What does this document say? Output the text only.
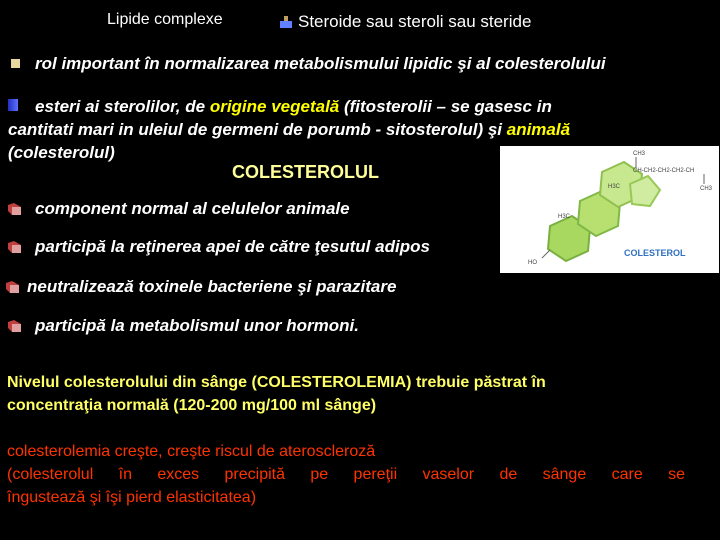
Lipide complexe	Steroide sau steroli sau steride
rol important în normalizarea metabolismului lipidic şi al colesterolului
esteri ai sterolilor, de origine vegetală (fitosterolii – se gasesc in
cantitati mari in uleiul de germeni de porumb - sitosterolul) şi animală
(colesterolul)
COLESTEROLUL
HO
H3C
H3C
CH3
CH-CH2-CH2-CH2-CH
CH3
COLESTEROL
component normal al celulelor animale
participă la reţinerea apei de către ţesutul adipos
neutralizează toxinele bacteriene şi parazitare
participă la metabolismul unor hormoni.
Nivelul colesterolului din sânge (COLESTEROLEMIA) trebuie păstrat în
concentraţia normală (120-200 mg/100 ml sânge)
colesterolemia creşte, creşte riscul de ateroscleroză
(colesterolul în exces precipită pe pereţii vaselor de sânge care se
îngustează şi îşi pierd elasticitatea)
